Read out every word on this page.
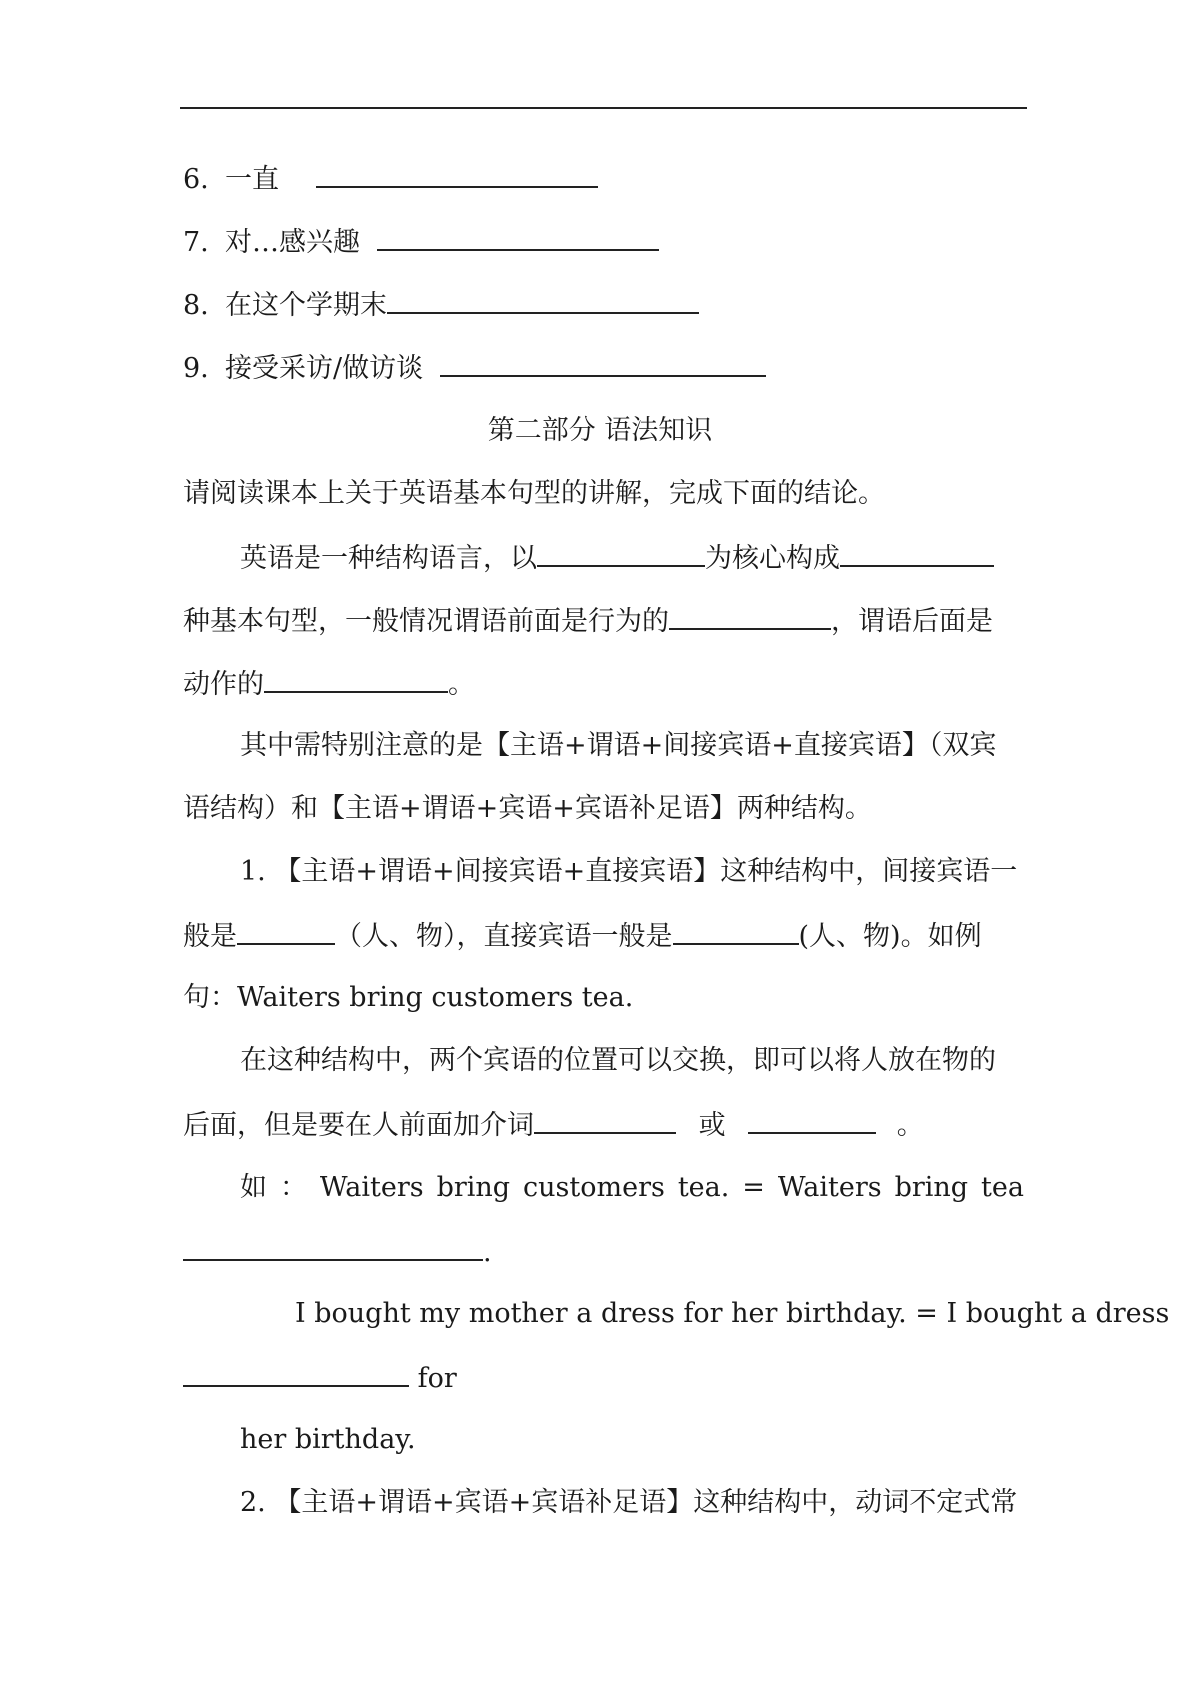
6. 一直
7. 对…感兴趣
8. 在这个学期末
9. 接受采访/做访谈
第二部分 语法知识
请阅读课本上关于英语基本句型的讲解，完成下面的结论。
英语是一种结构语言，以	为核心构成
种基本句型，一般情况谓语前面是行为的	，谓语后面是
动作的	。
其中需特别注意的是【主语+谓语+间接宾语+直接宾语】（双宾
语结构）和【主语+谓语+宾语+宾语补足语】两种结构。
1. 【主语+谓语+间接宾语+直接宾语】这种结构中，间接宾语一
般是	（人、物），直接宾语一般是	(人、物)。如例
句：Waiters bring customers tea.
在这种结构中，两个宾语的位置可以交换，即可以将人放在物的
后面，但是要在人前面加介词	或	。
如 ： Waiters bring customers tea. = Waiters bring tea
.
I bought my mother a dress for her birthday. = I bought a dress
for
her birthday.
2. 【主语+谓语+宾语+宾语补足语】这种结构中，动词不定式常
